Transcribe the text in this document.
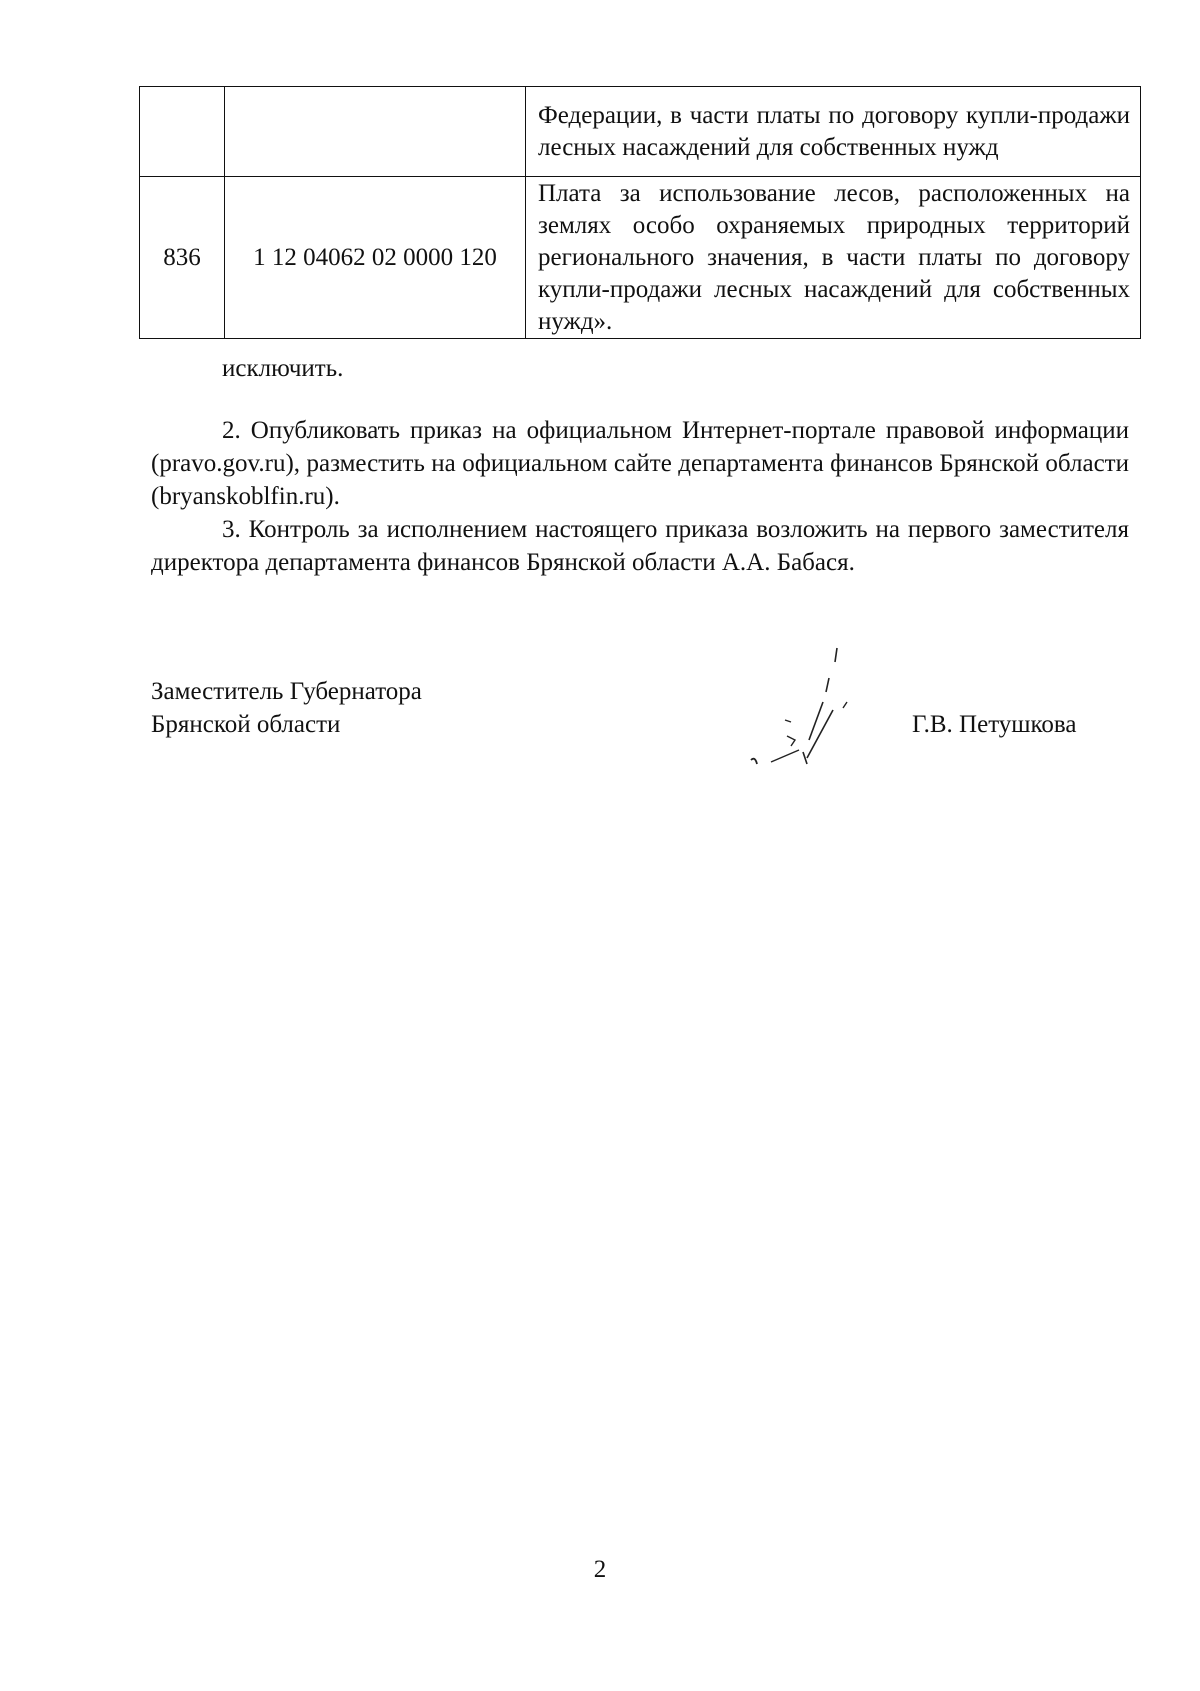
		Федерации, в части платы по договору купли-продажи лесных насаждений для собственных нужд

836	1 12 04062 02 0000 120	Плата за использование лесов, расположенных на землях особо охраняемых природных территорий регионального значения, в части платы по договору купли-продажи лесных насаждений для собственных нужд».

исключить.

2. Опубликовать приказ на официальном Интернет-портале правовой информации (pravo.gov.ru), разместить на официальном сайте департамента финансов Брянской области (bryanskoblfin.ru).

3. Контроль за исполнением настоящего приказа возложить на первого заместителя директора департамента финансов Брянской области А.А. Бабася.

Заместитель Губернатора
Брянской области	Г.В. Петушкова
2
